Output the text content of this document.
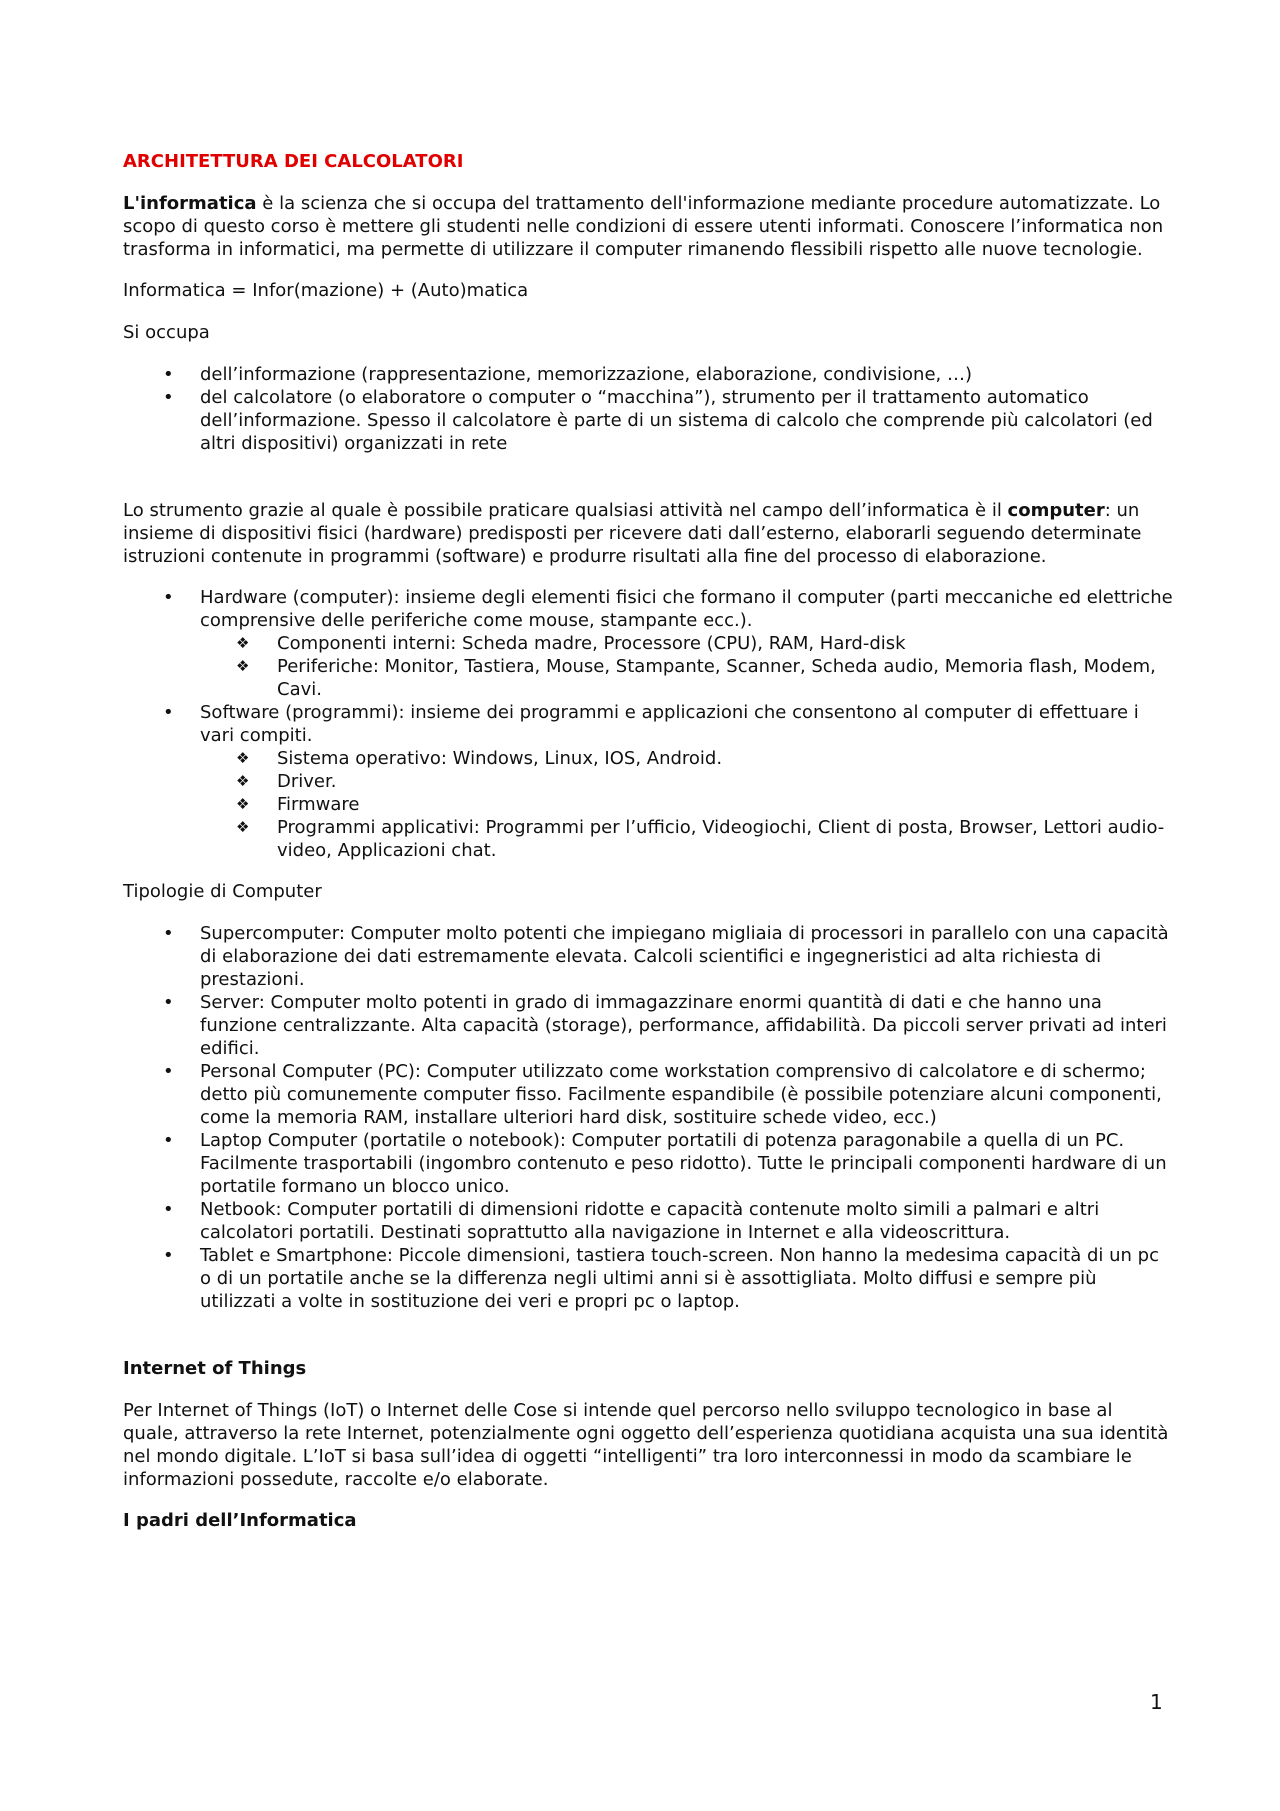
ARCHITETTURA DEI CALCOLATORI

L'informatica è la scienza che si occupa del trattamento dell'informazione mediante procedure automatizzate. Lo scopo di questo corso è mettere gli studenti nelle condizioni di essere utenti informati. Conoscere l’informatica non trasforma in informatici, ma permette di utilizzare il computer rimanendo flessibili rispetto alle nuove tecnologie.

Informatica = Infor(mazione) + (Auto)matica

Si occupa

• dell’informazione (rappresentazione, memorizzazione, elaborazione, condivisione, …)
• del calcolatore (o elaboratore o computer o “macchina”), strumento per il trattamento automatico dell’informazione. Spesso il calcolatore è parte di un sistema di calcolo che comprende più calcolatori (ed altri dispositivi) organizzati in rete

Lo strumento grazie al quale è possibile praticare qualsiasi attività nel campo dell’informatica è il computer: un insieme di dispositivi fisici (hardware) predisposti per ricevere dati dall’esterno, elaborarli seguendo determinate istruzioni contenute in programmi (software) e produrre risultati alla fine del processo di elaborazione.

• Hardware (computer): insieme degli elementi fisici che formano il computer (parti meccaniche ed elettriche comprensive delle periferiche come mouse, stampante ecc.).
❖ Componenti interni: Scheda madre, Processore (CPU), RAM, Hard-disk
❖ Periferiche: Monitor, Tastiera, Mouse, Stampante, Scanner, Scheda audio, Memoria flash, Modem, Cavi.
• Software (programmi): insieme dei programmi e applicazioni che consentono al computer di effettuare i vari compiti.
❖ Sistema operativo: Windows, Linux, IOS, Android.
❖ Driver.
❖ Firmware
❖ Programmi applicativi: Programmi per l’ufficio, Videogiochi, Client di posta, Browser, Lettori audio-video, Applicazioni chat.

Tipologie di Computer

• Supercomputer: Computer molto potenti che impiegano migliaia di processori in parallelo con una capacità di elaborazione dei dati estremamente elevata. Calcoli scientifici e ingegneristici ad alta richiesta di prestazioni.
• Server: Computer molto potenti in grado di immagazzinare enormi quantità di dati e che hanno una funzione centralizzante. Alta capacità (storage), performance, affidabilità. Da piccoli server privati ad interi edifici.
• Personal Computer (PC): Computer utilizzato come workstation comprensivo di calcolatore e di schermo; detto più comunemente computer fisso. Facilmente espandibile (è possibile potenziare alcuni componenti, come la memoria RAM, installare ulteriori hard disk, sostituire schede video, ecc.)
• Laptop Computer (portatile o notebook): Computer portatili di potenza paragonabile a quella di un PC. Facilmente trasportabili (ingombro contenuto e peso ridotto). Tutte le principali componenti hardware di un portatile formano un blocco unico.
• Netbook: Computer portatili di dimensioni ridotte e capacità contenute molto simili a palmari e altri calcolatori portatili. Destinati soprattutto alla navigazione in Internet e alla videoscrittura.
• Tablet e Smartphone: Piccole dimensioni, tastiera touch-screen. Non hanno la medesima capacità di un pc o di un portatile anche se la differenza negli ultimi anni si è assottigliata. Molto diffusi e sempre più utilizzati a volte in sostituzione dei veri e propri pc o laptop.
Internet of Things

Per Internet of Things (IoT) o Internet delle Cose si intende quel percorso nello sviluppo tecnologico in base al quale, attraverso la rete Internet, potenzialmente ogni oggetto dell’esperienza quotidiana acquista una sua identità nel mondo digitale. L’IoT si basa sull’idea di oggetti “intelligenti” tra loro interconnessi in modo da scambiare le informazioni possedute, raccolte e/o elaborate.

I padri dell’Informatica
1
